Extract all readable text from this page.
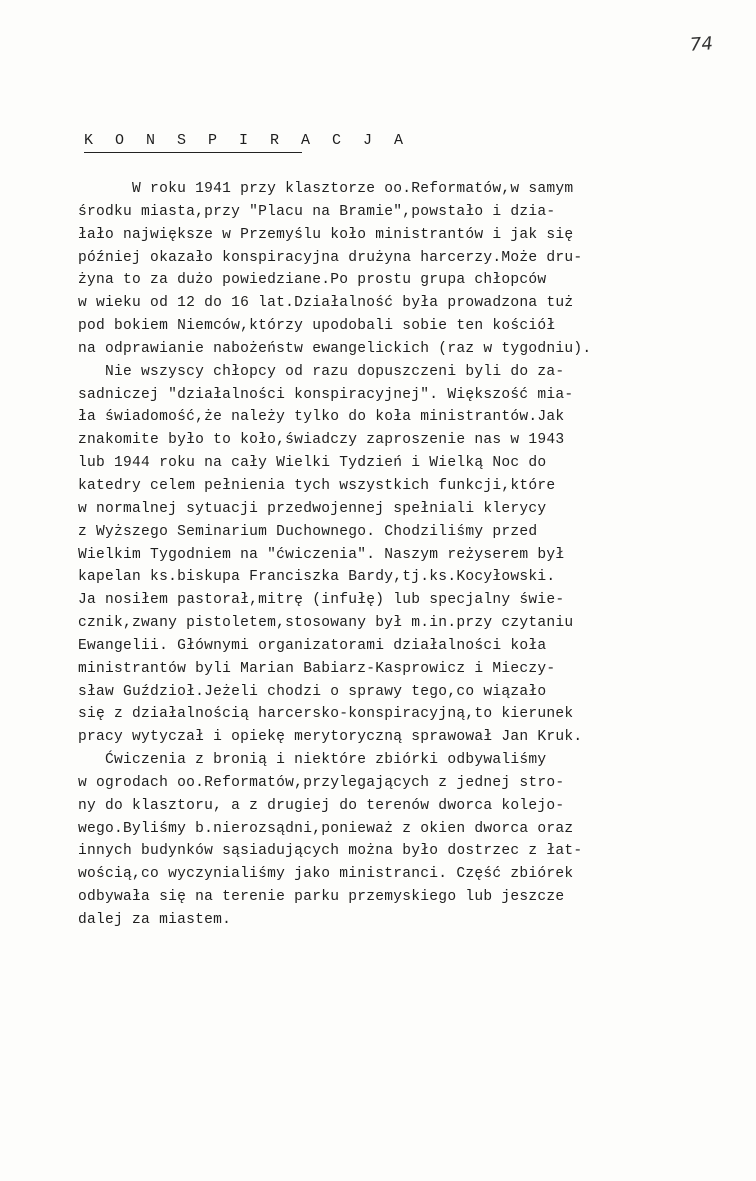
74
K O N S P I R A C J A
W roku 1941 przy klasztorze oo.Reformatów,w samym
środku miasta,przy "Placu na Bramie",powstało i dzia-
łało największe w Przemyślu koło ministrantów i jak się
później okazało konspiracyjna drużyna harcerzy.Może dru-
żyna to za dużo powiedziane.Po prostu grupa chłopców
w wieku od 12 do 16 lat.Działalność była prowadzona tuż
pod bokiem Niemców,którzy upodobali sobie ten kościół
na odprawianie nabożeństw ewangelickich (raz w tygodniu).
Nie wszyscy chłopcy od razu dopuszczeni byli do za-
sadniczej "działalności konspiracyjnej". Większość mia-
ła świadomość,że należy tylko do koła ministrantów.Jak
znakomite było to koło,świadczy zaproszenie nas w 1943
lub 1944 roku na cały Wielki Tydzień i Wielką Noc do
katedry celem pełnienia tych wszystkich funkcji,które
w normalnej sytuacji przedwojennej spełniali klerycy
z Wyższego Seminarium Duchownego. Chodziliśmy przed
Wielkim Tygodniem na "ćwiczenia". Naszym reżyserem był
kapelan ks.biskupa Franciszka Bardy,tj.ks.Kocyłowski.
Ja nosiłem pastorał,mitrę (infułę) lub specjalny świe-
cznik,zwany pistoletem,stosowany był m.in.przy czytaniu
Ewangelii. Głównymi organizatorami działalności koła
ministrantów byli Marian Babiarz-Kasprowicz i Mieczy-
sław Guździoł.Jeżeli chodzi o sprawy tego,co wiązało
się z działalnością harcersko-konspiracyjną,to kierunek
pracy wytyczał i opiekę merytoryczną sprawował Jan Kruk.
Ćwiczenia z bronią i niektóre zbiórki odbywaliśmy
w ogrodach oo.Reformatów,przylegających z jednej stro-
ny do klasztoru, a z drugiej do terenów dworca kolejo-
wego.Byliśmy b.nierozsądni,ponieważ z okien dworca oraz
innych budynków sąsiadujących można było dostrzec z łat-
wością,co wyczynialiśmy jako ministranci. Część zbiórek
odbywała się na terenie parku przemyskiego lub jeszcze
dalej za miastem.
